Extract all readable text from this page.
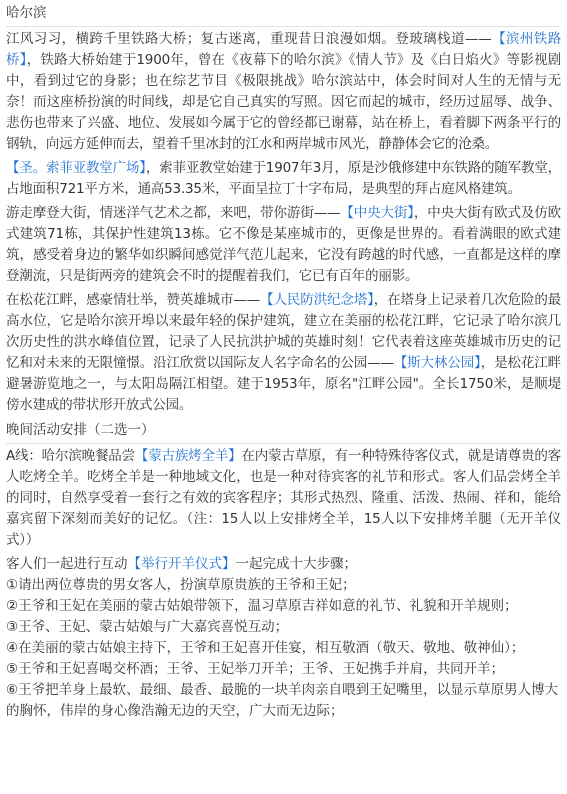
哈尔滨

江风习习，横跨千里铁路大桥；复古迷离，重现昔日浪漫如烟。登玻璃栈道——【滨州铁路桥】，铁路大桥始建于1900年，曾在《夜幕下的哈尔滨》《情人节》及《白日焰火》等影视剧中，看到过它的身影；也在综艺节目《极限挑战》哈尔滨站中，体会时间对人生的无情与无奈！而这座桥扮演的时间线，却是它自己真实的写照。因它而起的城市，经历过屈辱、战争、悲伤也带来了兴盛、地位、发展如今属于它的曾经都已谢幕，站在桥上，看着脚下两条平行的钢轨，向远方延伸而去，望着千里冰封的江水和两岸城市风光，静静体会它的沧桑。

【圣。索菲亚教堂广场】，索菲亚教堂始建于1907年3月，原是沙俄修建中东铁路的随军教堂，占地面积721平方米，通高53.35米，平面呈拉丁十字布局，是典型的拜占庭风格建筑。

游走摩登大街，情迷洋气艺术之都，来吧，带你游街——【中央大街】，中央大街有欧式及仿欧式建筑71栋，其保护性建筑13栋。它不像是某座城市的，更像是世界的。看着满眼的欧式建筑，感受着身边的繁华如织瞬间感觉洋气范儿起来，它没有跨越的时代感，一直都是这样的摩登潮流，只是街两旁的建筑会不时的提醒着我们，它已有百年的丽影。

在松花江畔，感豪情壮举，赞英雄城市——【人民防洪纪念塔】，在塔身上记录着几次危险的最高水位，它是哈尔滨开埠以来最年轻的保护建筑，建立在美丽的松花江畔，它记录了哈尔滨几次历史性的洪水峰值位置，记录了人民抗洪护城的英雄时刻！它代表着这座英雄城市历史的记忆和对未来的无限憧憬。沿江欣赏以国际友人名字命名的公园——【斯大林公园】，是松花江畔避暑游览地之一，与太阳岛隔江相望。建于1953年，原名"江畔公园"。全长1750米，是顺堤傍水建成的带状形开放式公园。

晚间活动安排（二选一）

A线：哈尔滨晚餐品尝【蒙古族烤全羊】在内蒙古草原，有一种特殊待客仪式，就是请尊贵的客人吃烤全羊。吃烤全羊是一种地域文化，也是一种对待宾客的礼节和形式。客人们品尝烤全羊的同时，自然享受着一套行之有效的宾客程序；其形式热烈、隆重、活泼、热闹、祥和，能给嘉宾留下深刻而美好的记忆。（注：15人以上安排烤全羊，15人以下安排烤羊腿（无开羊仪式））

客人们一起进行互动【举行开羊仪式】一起完成十大步骤；

①请出两位尊贵的男女客人，扮演草原贵族的王爷和王妃；

②王爷和王妃在美丽的蒙古姑娘带领下，温习草原吉祥如意的礼节、礼貌和开羊规则；

③王爷、王妃、蒙古姑娘与广大嘉宾喜悦互动；

④在美丽的蒙古姑娘主持下，王爷和王妃喜开佳宴，相互敬酒（敬天、敬地、敬神仙）；

⑤王爷和王妃喜喝交杯酒；王爷、王妃举刀开羊；王爷、王妃携手并肩，共同开羊；

⑥王爷把羊身上最软、最细、最香、最脆的一块羊肉亲自喂到王妃嘴里，以显示草原男人博大的胸怀，伟岸的身心像浩瀚无边的天空，广大而无边际；
